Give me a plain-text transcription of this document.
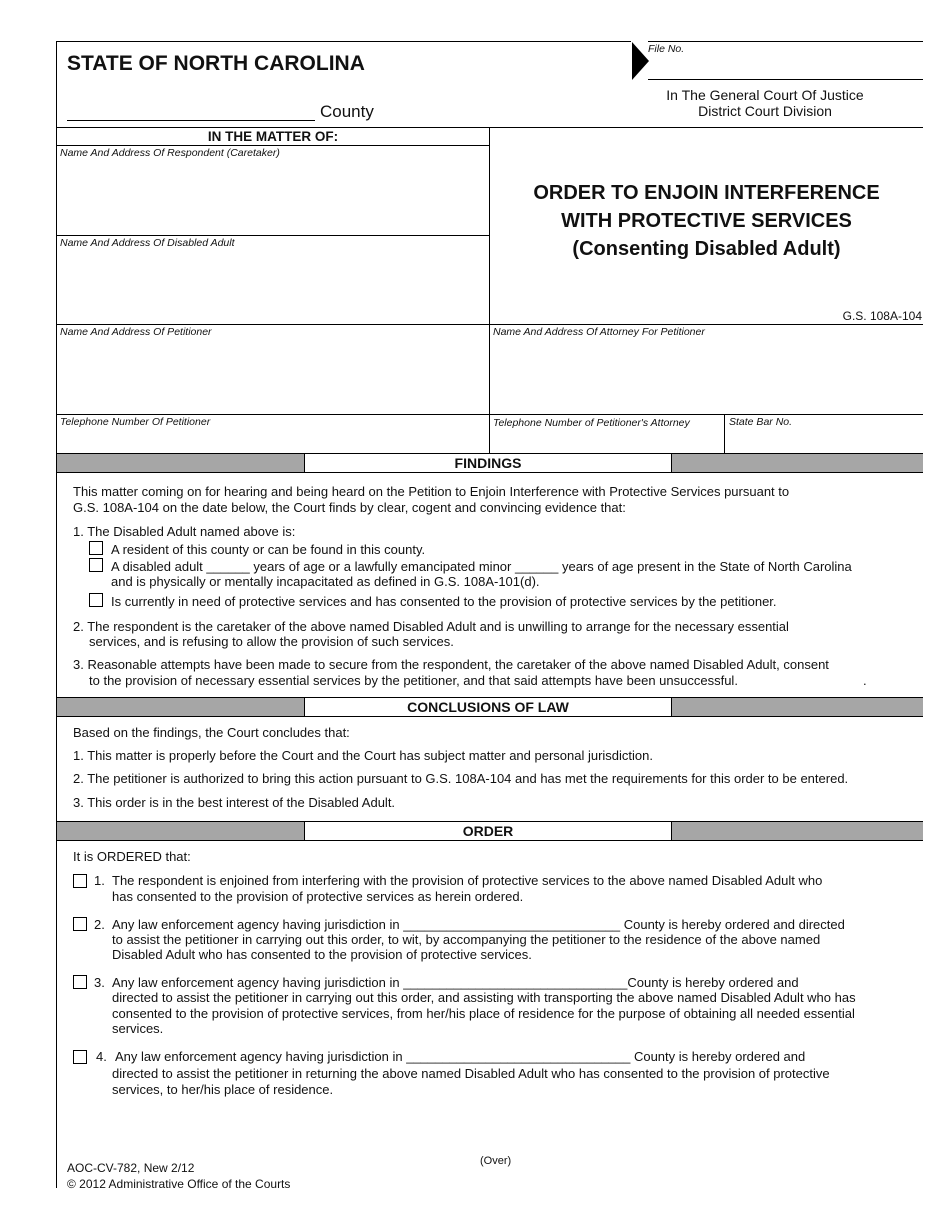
STATE OF NORTH CAROLINA
County
File No.
In The General Court Of Justice
District Court Division
IN THE MATTER OF:
Name And Address Of Respondent (Caretaker)
Name And Address Of Disabled Adult
Name And Address Of Petitioner	Name And Address Of Attorney For Petitioner
Telephone Number Of Petitioner	Telephone Number of Petitioner's Attorney	State Bar No.
ORDER TO ENJOIN INTERFERENCE
WITH PROTECTIVE SERVICES
(Consenting Disabled Adult)
G.S. 108A-104
FINDINGS
This matter coming on for hearing and being heard on the Petition to Enjoin Interference with Protective Services pursuant to
G.S. 108A-104 on the date below, the Court finds by clear, cogent and convincing evidence that:
1. The Disabled Adult named above is:
A resident of this county or can be found in this county.
A disabled adult ______ years of age or a lawfully emancipated minor ______ years of age present in the State of North Carolina
and is physically or mentally incapacitated as defined in G.S. 108A-101(d).
Is currently in need of protective services and has consented to the provision of protective services by the petitioner.
2. The respondent is the caretaker of the above named Disabled Adult and is unwilling to arrange for the necessary essential
services, and is refusing to allow the provision of such services.
3. Reasonable attempts have been made to secure from the respondent, the caretaker of the above named Disabled Adult, consent
to the provision of necessary essential services by the petitioner, and that said attempts have been unsuccessful.	.
CONCLUSIONS OF LAW
Based on the findings, the Court concludes that:
1. This matter is properly before the Court and the Court has subject matter and personal jurisdiction.
2. The petitioner is authorized to bring this action pursuant to G.S. 108A-104 and has met the requirements for this order to be entered.
3. This order is in the best interest of the Disabled Adult.
ORDER
It is ORDERED that:
1. The respondent is enjoined from interfering with the provision of protective services to the above named Disabled Adult who
has consented to the provision of protective services as herein ordered.
2. Any law enforcement agency having jurisdiction in ______________________________ County is hereby ordered and directed
to assist the petitioner in carrying out this order, to wit, by accompanying the petitioner to the residence of the above named
Disabled Adult who has consented to the provision of protective services.
3. Any law enforcement agency having jurisdiction in _______________________________County is hereby ordered and
directed to assist the petitioner in carrying out this order, and assisting with transporting the above named Disabled Adult who has
consented to the provision of protective services, from her/his place of residence for the purpose of obtaining all needed essential
services.
4. Any law enforcement agency having jurisdiction in _______________________________ County is hereby ordered and
directed to assist the petitioner in returning the above named Disabled Adult who has consented to the provision of protective
services, to her/his place of residence.
(Over)
AOC-CV-782, New 2/12
© 2012 Administrative Office of the Courts
